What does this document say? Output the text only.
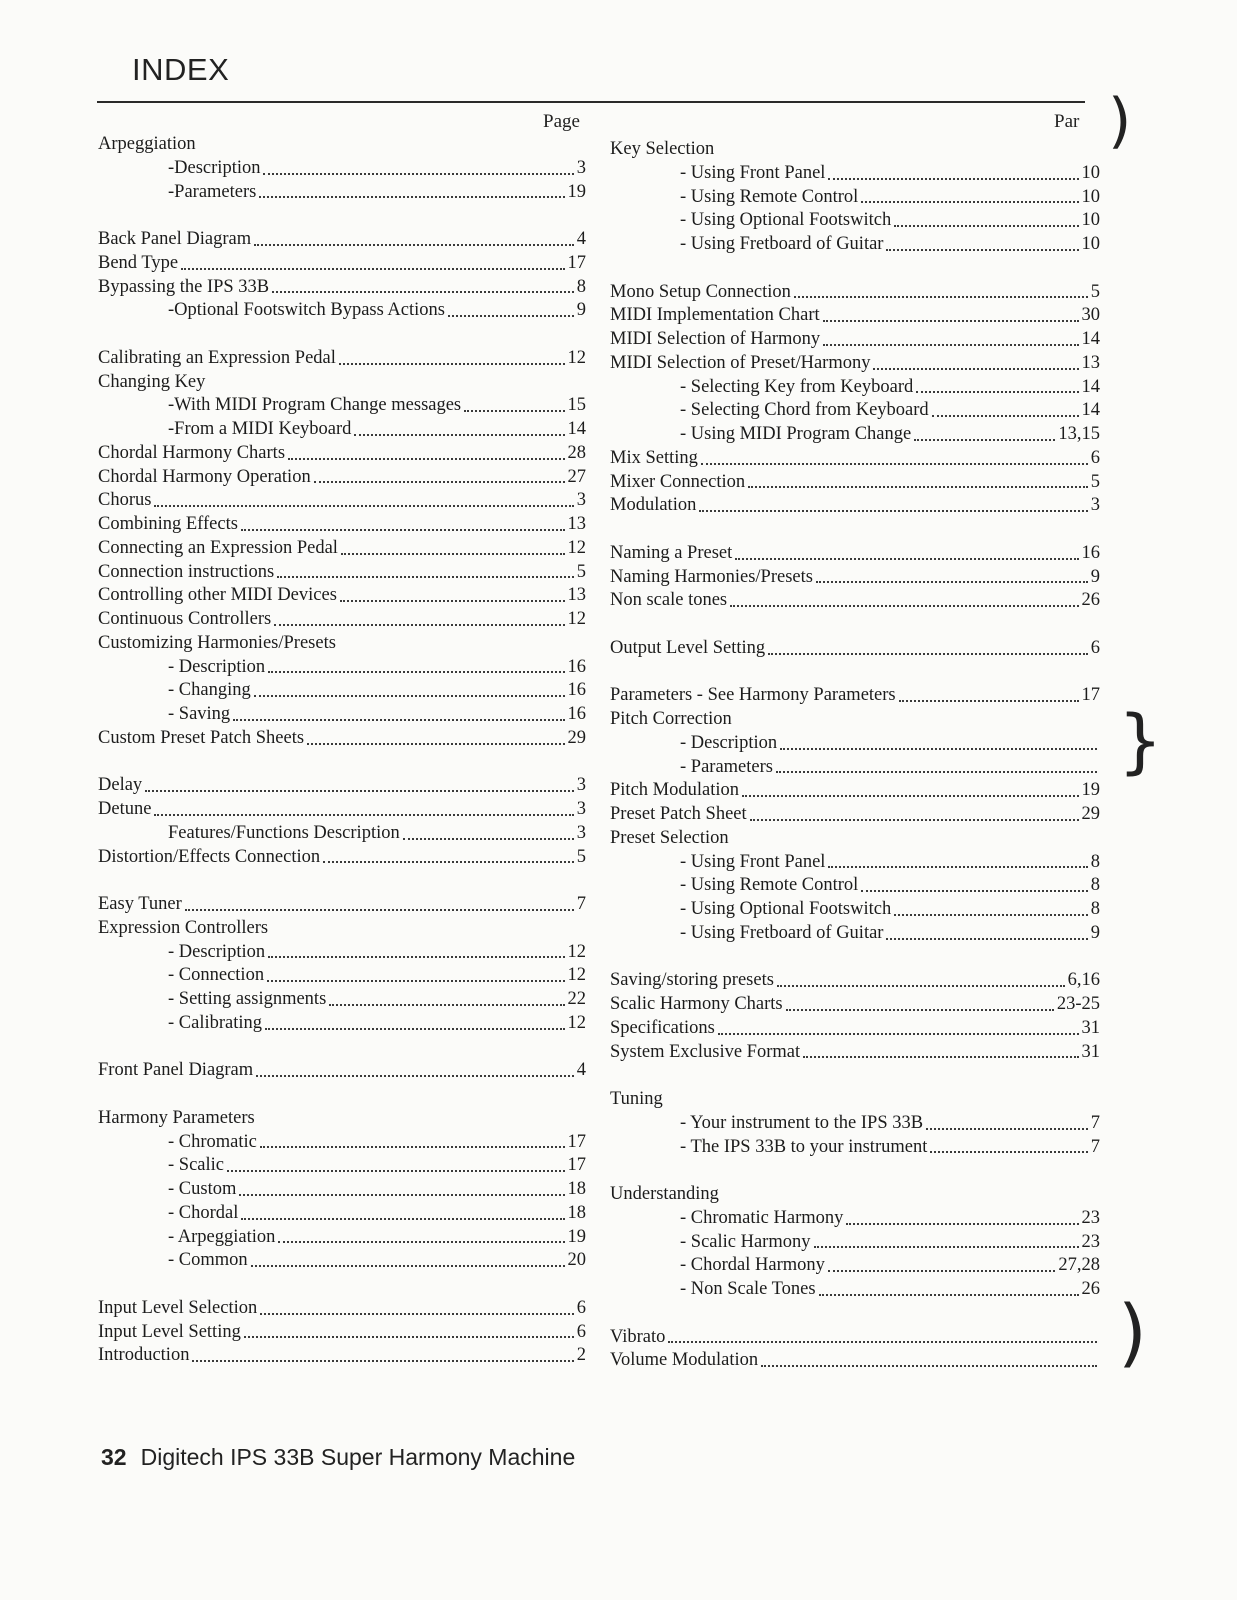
INDEX
Page	Par
Arpeggiation
-Description	3
-Parameters	19
Back Panel Diagram	4
Bend Type	17
Bypassing the IPS 33B	8
-Optional Footswitch Bypass Actions	9
Calibrating an Expression Pedal	12
Changing Key
-With MIDI Program Change messages	15
-From a MIDI Keyboard	14
Chordal Harmony Charts	28
Chordal Harmony Operation	27
Chorus	3
Combining Effects	13
Connecting an Expression Pedal	12
Connection instructions	5
Controlling other MIDI Devices	13
Continuous Controllers	12
Customizing Harmonies/Presets
- Description	16
- Changing	16
- Saving	16
Custom Preset Patch Sheets	29
Delay	3
Detune	3
Features/Functions Description	3
Distortion/Effects Connection	5
Easy Tuner	7
Expression Controllers
- Description	12
- Connection	12
- Setting assignments	22
- Calibrating	12
Front Panel Diagram	4
Harmony Parameters
- Chromatic	17
- Scalic	17
- Custom	18
- Chordal	18
- Arpeggiation	19
- Common	20
Input Level Selection	6
Input Level Setting	6
Introduction	2
Key Selection
- Using Front Panel	10
- Using Remote Control	10
- Using Optional Footswitch	10
- Using Fretboard of Guitar	10
Mono Setup Connection	5
MIDI Implementation Chart	30
MIDI Selection of Harmony	14
MIDI Selection of Preset/Harmony	13
- Selecting Key from Keyboard	14
- Selecting Chord from Keyboard	14
- Using MIDI Program Change	13,15
Mix Setting	6
Mixer Connection	5
Modulation	3
Naming a Preset	16
Naming Harmonies/Presets	9
Non scale tones	26
Output Level Setting	6
Parameters - See Harmony Parameters	17
Pitch Correction
- Description
- Parameters
Pitch Modulation	19
Preset Patch Sheet	29
Preset Selection
- Using Front Panel	8
- Using Remote Control	8
- Using Optional Footswitch	8
- Using Fretboard of Guitar	9
Saving/storing presets	6,16
Scalic Harmony Charts	23-25
Specifications	31
System Exclusive Format	31
Tuning
- Your instrument to the IPS 33B	7
- The IPS 33B to your instrument	7
Understanding
- Chromatic Harmony	23
- Scalic Harmony	23
- Chordal Harmony	27,28
- Non Scale Tones	26
Vibrato
Volume Modulation
)
}
)
32 Digitech IPS 33B Super Harmony Machine
